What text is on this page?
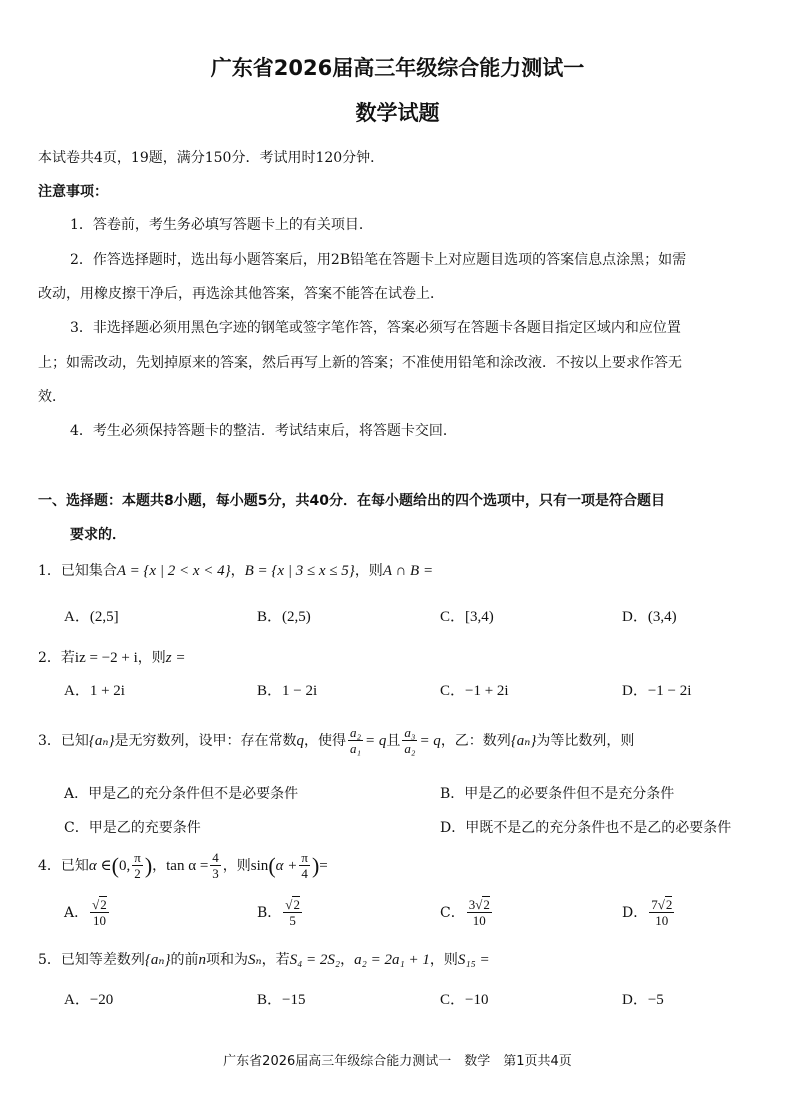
广东省2026届高三年级综合能力测试一
数学试题
本试卷共4页，19题，满分150分．考试用时120分钟．
注意事项：
1．答卷前，考生务必填写答题卡上的有关项目．
2．作答选择题时，选出每小题答案后，用2B铅笔在答题卡上对应题目选项的答案信息点涂黑；如需
改动，用橡皮擦干净后，再选涂其他答案，答案不能答在试卷上．
3．非选择题必须用黑色字迹的钢笔或签字笔作答，答案必须写在答题卡各题目指定区域内和应位置
上；如需改动，先划掉原来的答案，然后再写上新的答案；不准使用铅笔和涂改液．不按以上要求作答无
效．
4．考生必须保持答题卡的整洁．考试结束后，将答题卡交回．
一、选择题：本题共8小题，每小题5分，共40分．在每小题给出的四个选项中，只有一项是符合题目
要求的．
1．已知集合A = {x | 2 < x < 4}，B = {x | 3 ≤ x ≤ 5}，则A ∩ B =
A．(2,5]	B．(2,5)	C．[3,4)	D．(3,4)
2．若iz = −2 + i，则z =
A．1 + 2i	B．1 − 2i	C．−1 + 2i	D．−1 − 2i
3． 已知 {aₙ} 是无穷数列，设甲：存在常数 q ，使得 $\frac{\text{a₂}}{\text{a₁}} = q$ 且 $\frac{\text{a₃}}{\text{a₂}} = q$ ，乙：数列 {aₙ} 为等比数列，则
A．甲是乙的充分条件但不是必要条件	B．甲是乙的必要条件但不是充分条件
C．甲是乙的充要条件	D．甲既不是乙的充分条件也不是乙的必要条件
4． 已知 α ∈ ( 0, $\frac{\pi}{2}$ ) ， $\tan \alpha = \frac{4}{3}$ ，则 sin ( $\alpha + \frac{\pi}{4}$ ) =
A． $\frac{√2}{10}$	B． $\frac{√2}{5}$	C． $\frac{3√2}{10}$	D． $\frac{7√2}{10}$
5．已知等差数列{aₙ}的前n项和为Sₙ，若S₄ = 2S₂，a₂ = 2a₁ + 1，则S₁₅ =
A．−20	B．−15	C．−10	D．−5
广东省2026届高三年级综合能力测试一　数学　第1页共4页
